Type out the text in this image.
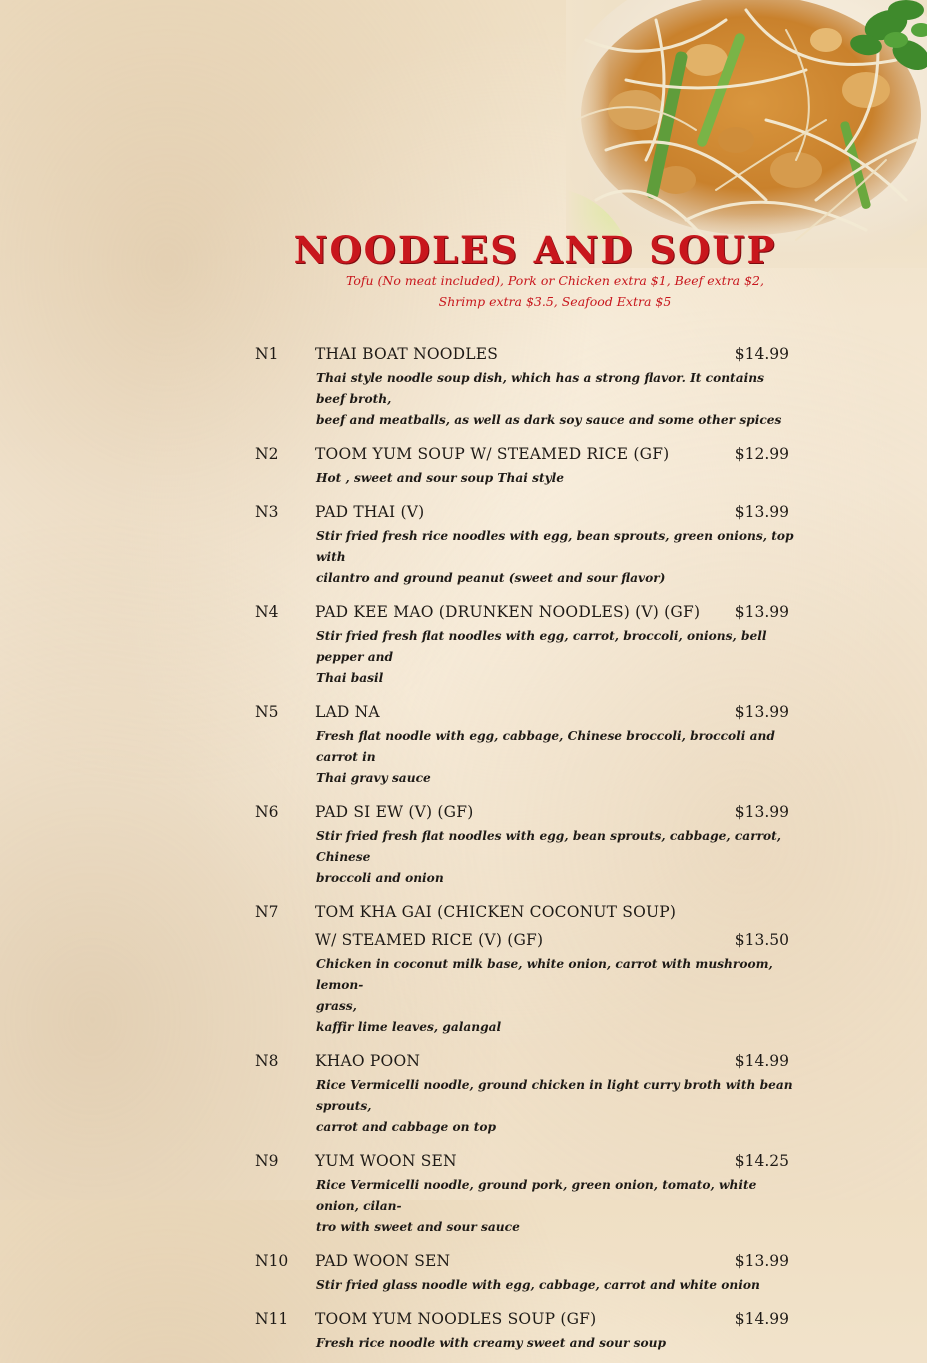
NOODLES AND SOUP
Tofu (No meat included), Pork or Chicken extra $1, Beef extra $2,
Shrimp extra $3.5, Seafood Extra $5
N1 THAI BOAT NOODLES	$14.99
Thai style noodle soup dish, which has a strong flavor. It contains beef broth,
beef and meatballs, as well as dark soy sauce and some other spices
N2 TOOM YUM SOUP W/ STEAMED RICE (GF)	$12.99
Hot , sweet and sour soup Thai style
N3 PAD THAI (V)	$13.99
Stir fried fresh rice noodles with egg, bean sprouts, green onions, top with
cilantro and ground peanut (sweet and sour flavor)
N4 PAD KEE MAO (DRUNKEN NOODLES) (V) (GF) $13.99
Stir fried fresh flat noodles with egg, carrot, broccoli, onions, bell pepper and
Thai basil
N5 LAD NA	$13.99
Fresh flat noodle with egg, cabbage, Chinese broccoli, broccoli and carrot in
Thai gravy sauce
N6 PAD SI EW (V) (GF)	$13.99
Stir fried fresh flat noodles with egg, bean sprouts, cabbage, carrot, Chinese
broccoli and onion
N7 TOM KHA GAI (CHICKEN COCONUT SOUP)
W/ STEAMED RICE (V) (GF)	$13.50
Chicken in coconut milk base, white onion, carrot with mushroom, lemon-
grass,
kaffir lime leaves, galangal
N8 KHAO POON	$14.99
Rice Vermicelli noodle, ground chicken in light curry broth with bean sprouts,
carrot and cabbage on top
N9 YUM WOON SEN	$14.25
Rice Vermicelli noodle, ground pork, green onion, tomato, white onion, cilan-
tro with sweet and sour sauce
N10 PAD WOON SEN	$13.99
Stir fried glass noodle with egg, cabbage, carrot and white onion
N11 TOOM YUM NOODLES SOUP (GF)	$14.99
Fresh rice noodle with creamy sweet and sour soup
